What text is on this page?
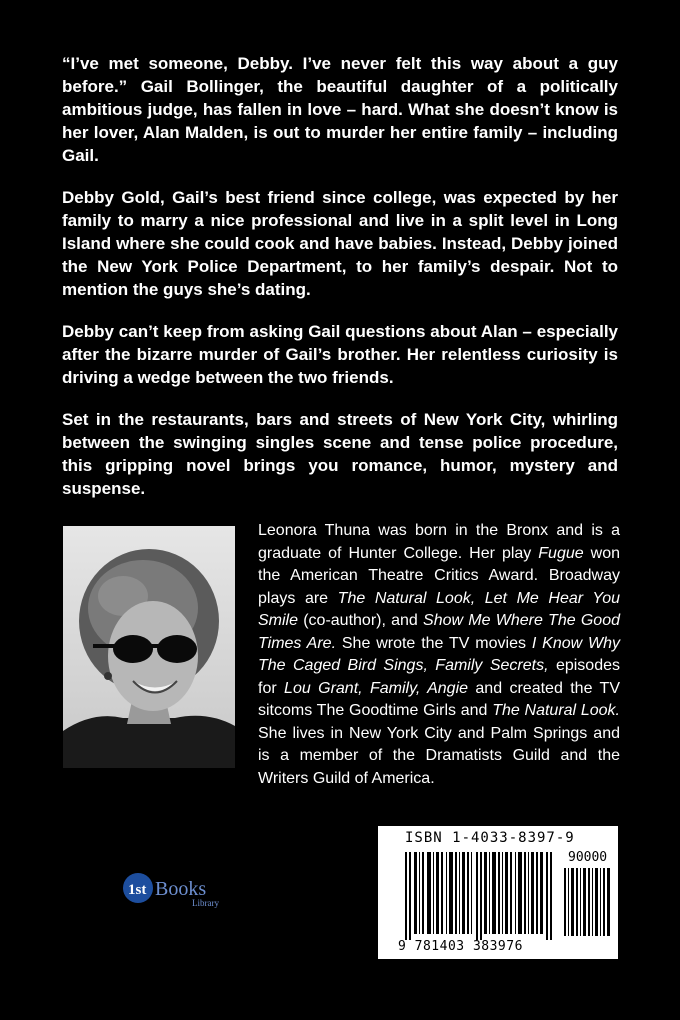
“I’ve met someone, Debby. I’ve never felt this way about a guy before.” Gail Bollinger, the beautiful daughter of a politically ambitious judge, has fallen in love – hard. What she doesn’t know is her lover, Alan Malden, is out to murder her entire family – including Gail.

Debby Gold, Gail’s best friend since college, was expected by her family to marry a nice professional and live in a split level in Long Island where she could cook and have babies. Instead, Debby joined the New York Police Department, to her family’s despair. Not to mention the guys she’s dating.

Debby can’t keep from asking Gail questions about Alan – especially after the bizarre murder of Gail’s brother. Her relentless curiosity is driving a wedge between the two friends.

Set in the restaurants, bars and streets of New York City, whirling between the swinging singles scene and tense police procedure, this gripping novel brings you romance, humor, mystery and suspense.

Leonora Thuna was born in the Bronx and is a graduate of Hunter College. Her play Fugue won the American Theatre Critics Award. Broadway plays are The Natural Look, Let Me Hear You Smile (co-author), and Show Me Where The Good Times Are. She wrote the TV movies I Know Why The Caged Bird Sings, Family Secrets, episodes for Lou Grant, Family, Angie and created the TV sitcoms The Goodtime Girls and The Natural Look. She lives in New York City and Palm Springs and is a member of the Dramatists Guild and the Writers Guild of America.
1st Books
Library
ISBN 1-4033-8397-9
90000
9 781403 383976
